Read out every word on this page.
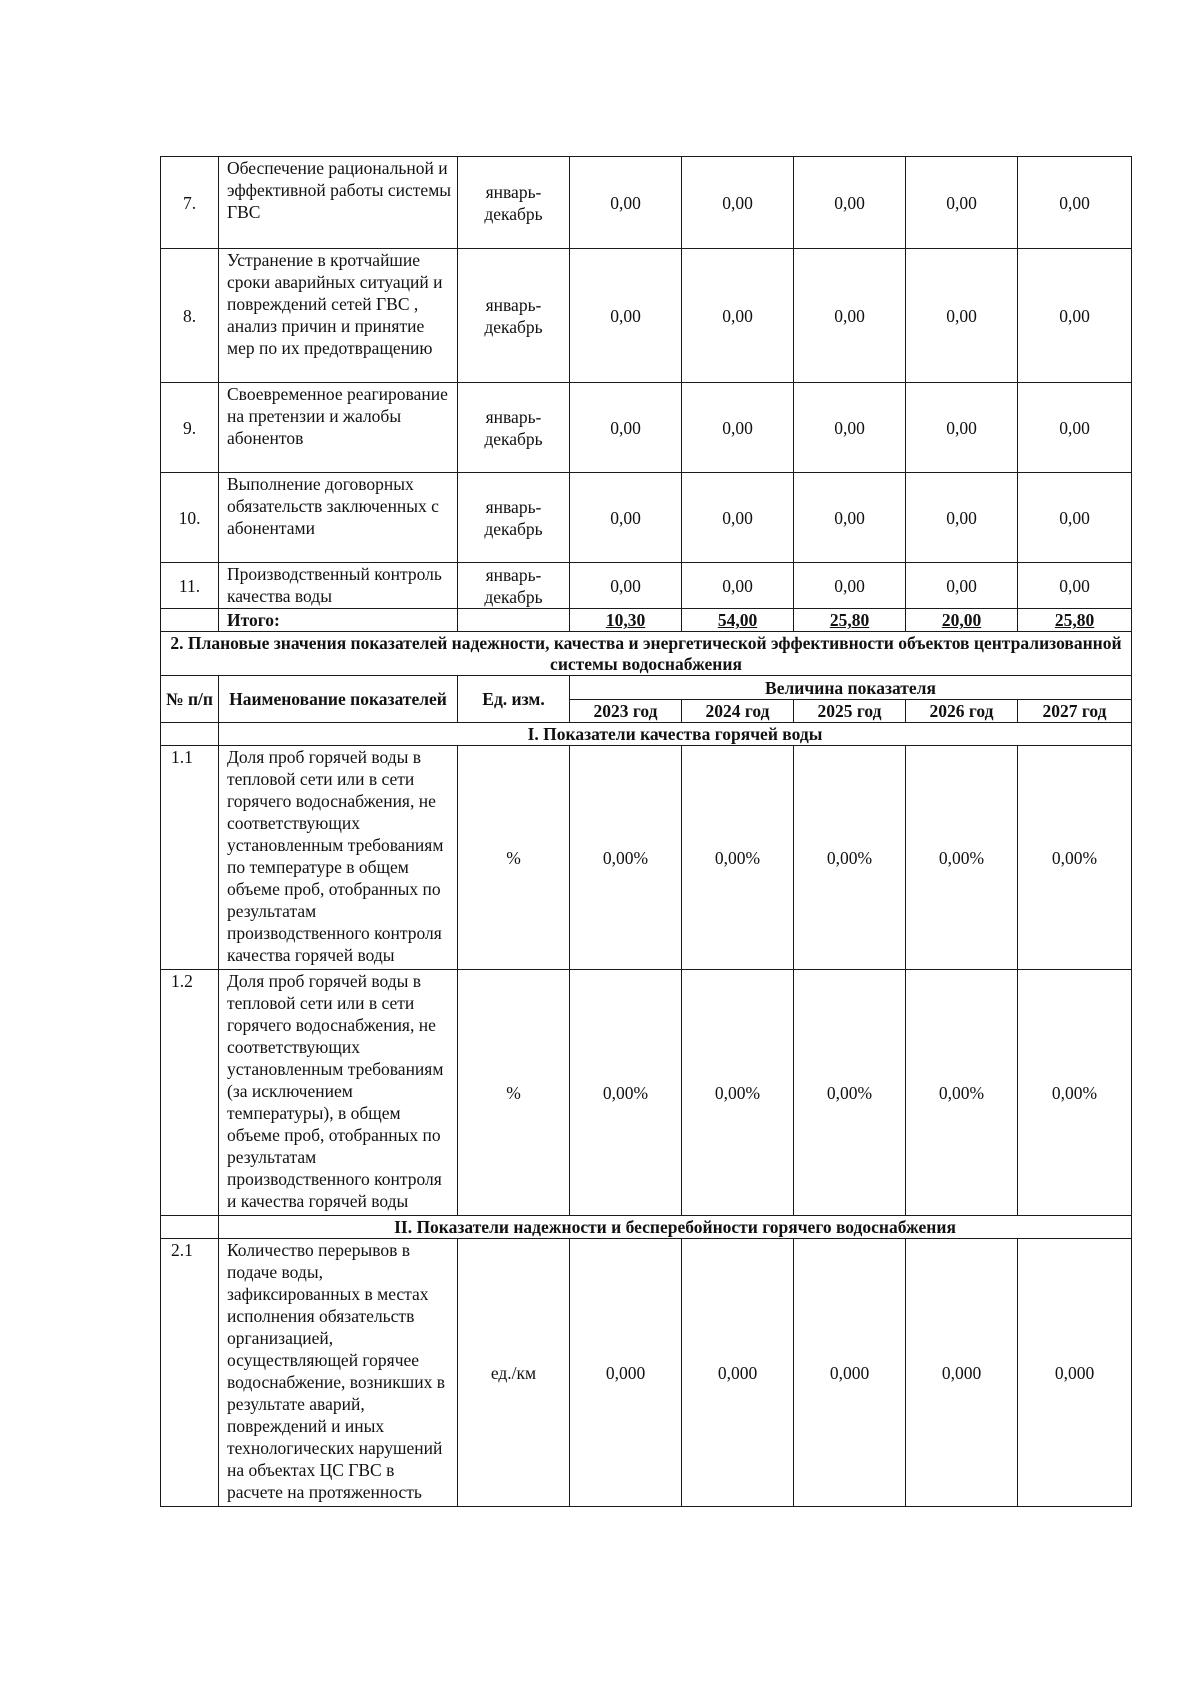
7.	Обеспечение рациональной и эффективной работы системы ГВС	январь-декабрь	0,00	0,00	0,00	0,00	0,00
8.	Устранение в кротчайшие сроки аварийных ситуаций и повреждений сетей ГВС , анализ причин и принятие мер по их предотвращению	январь-декабрь	0,00	0,00	0,00	0,00	0,00
9.	Своевременное реагирование на претензии и жалобы абонентов	январь-декабрь	0,00	0,00	0,00	0,00	0,00
10.	Выполнение договорных обязательств заключенных с абонентами	январь-декабрь	0,00	0,00	0,00	0,00	0,00
11.	Производственный контроль качества воды	январь-декабрь	0,00	0,00	0,00	0,00	0,00
	Итого:		10,30	54,00	25,80	20,00	25,80
2. Плановые значения показателей надежности, качества и энергетической эффективности объектов централизованной системы водоснабжения							
№ п/п	Наименование показателей	Ед. изм.	Величина показателя				
			2023 год	2024 год	2025 год	2026 год	2027 год
	I. Показатели качества горячей воды						
1.1	Доля проб горячей воды в тепловой сети или в сети горячего водоснабжения, не соответствующих установленным требованиям по температуре в общем объеме проб, отобранных по результатам производственного контроля качества горячей воды	%	0,00%	0,00%	0,00%	0,00%	0,00%
1.2	Доля проб горячей воды в тепловой сети или в сети горячего водоснабжения, не соответствующих установленным требованиям (за исключением температуры), в общем объеме проб, отобранных по результатам производственного контроля и качества горячей воды	%	0,00%	0,00%	0,00%	0,00%	0,00%
	II. Показатели надежности и бесперебойности горячего водоснабжения						
2.1	Количество перерывов в подаче воды, зафиксированных в местах исполнения обязательств организацией, осуществляющей горячее водоснабжение, возникших в результате аварий, повреждений и иных технологических нарушений на объектах ЦС ГВС в расчете на протяженность	ед./км	0,000	0,000	0,000	0,000	0,000
